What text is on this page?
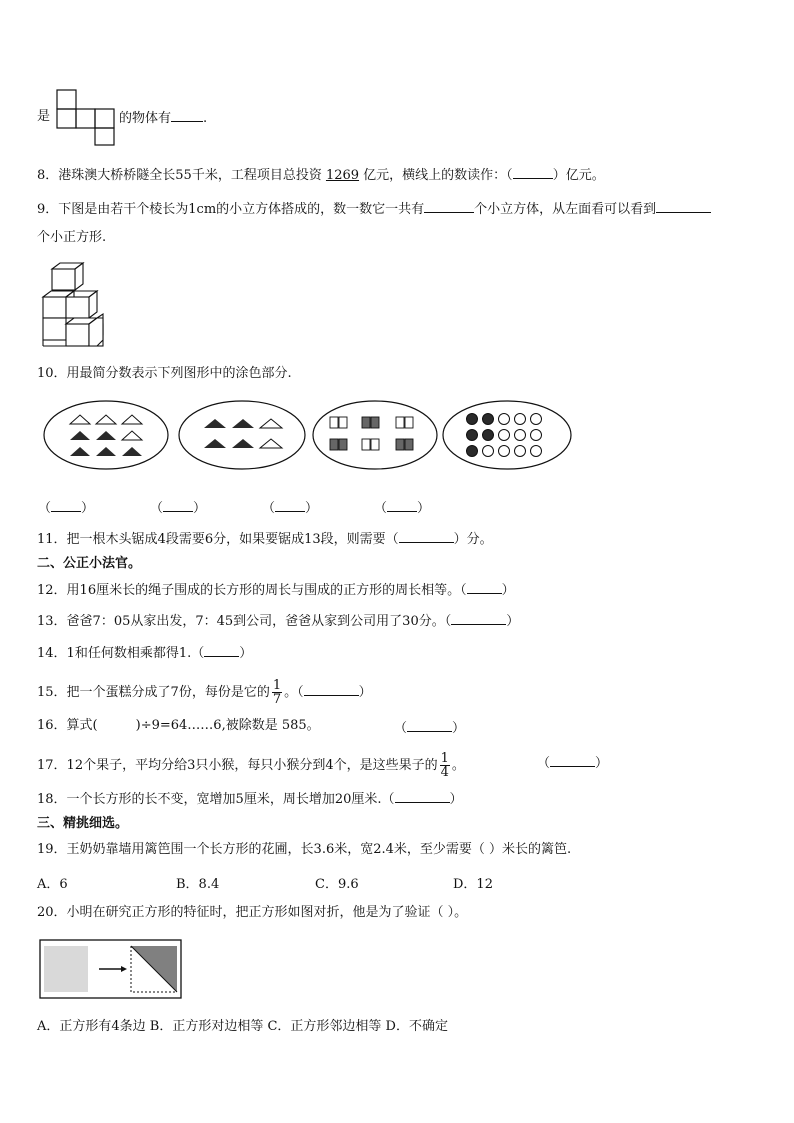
是	的物体有 .
8．港珠澳大桥桥隧全长55千米，工程项目总投资 1269 亿元，横线上的数读作：（	）亿元。
9．下图是由若干个棱长为1cm的小立方体搭成的，数一数它一共有	个小立方体，从左面看可以看到
个小正方形.
10．用最简分数表示下列图形中的涂色部分.
（ ）	（ ）	（ ）	（ ）
11．把一根木头锯成4段需要6分，如果要锯成13段，则需要（	）分。
二、公正小法官。
12．用16厘米长的绳子围成的长方形的周长与围成的正方形的周长相等。（	）
13．爸爸7：05从家出发，7：45到公司，爸爸从家到公司用了30分。（	）
14．1和任何数相乘都得1.（	）
15．把一个蛋糕分成了7份，每份是它的 $\frac{1}{7}$ 。（	）
16．算式(	)÷9=64……6,被除数是 585。	（	）
17．12个果子，平均分给3只小猴，每只小猴分到4个，是这些果子的 $\frac{1}{4}$ 。	（	）
18．一个长方形的长不变，宽增加5厘米，周长增加20厘米.（	）
三、精挑细选。
19．王奶奶靠墙用篱笆围一个长方形的花圃，长3.6米，宽2.4米，至少需要（ ）米长的篱笆.
A．6	B．8.4	C．9.6	D．12
20．小明在研究正方形的特征时，把正方形如图对折，他是为了验证（ ）。
A．正方形有4条边 B．正方形对边相等 C．正方形邻边相等 D．不确定
